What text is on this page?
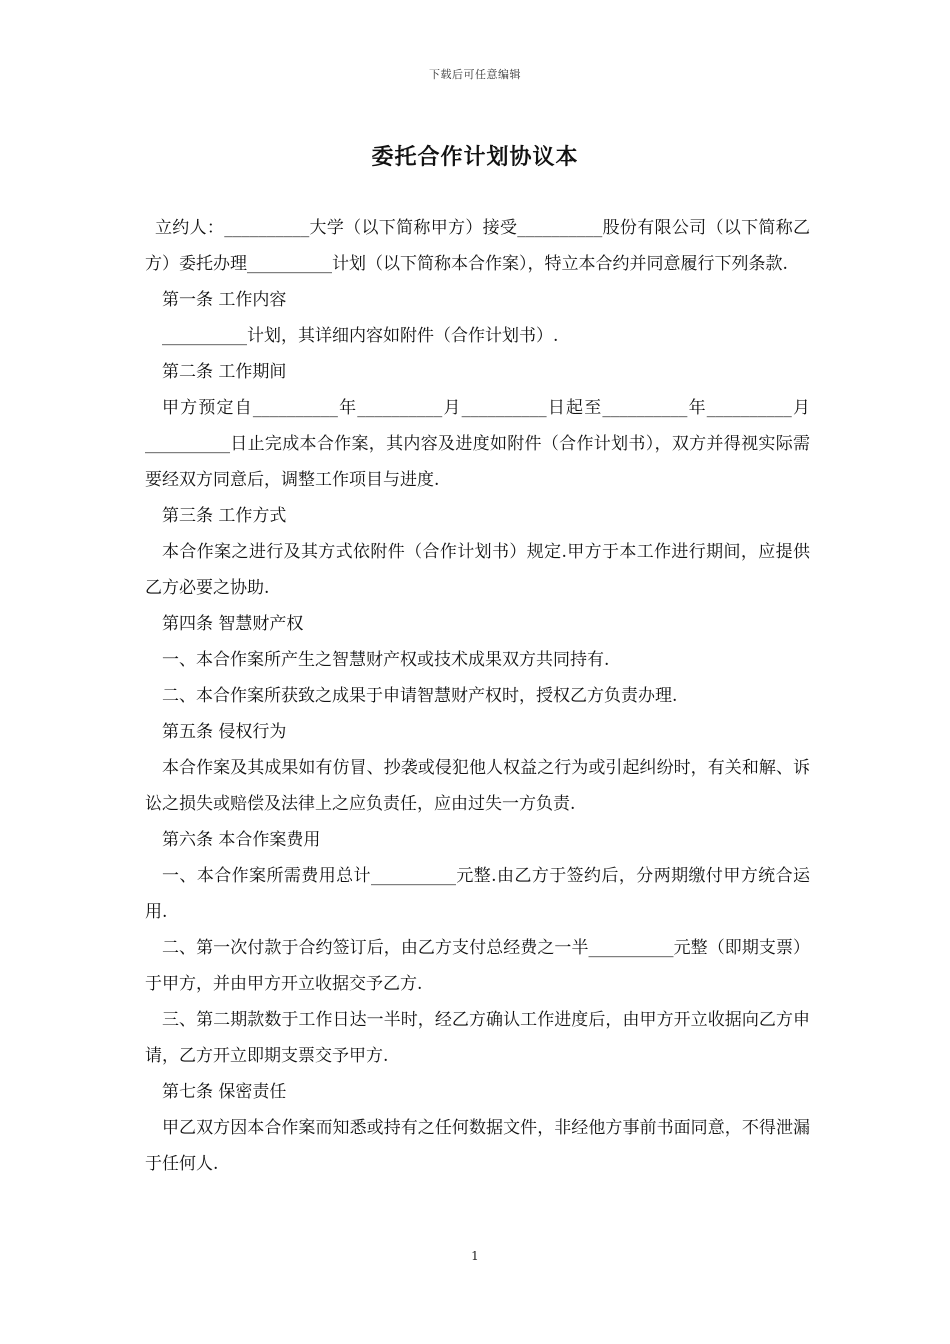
下载后可任意编辑
委托合作计划协议本

立约人：__________大学（以下简称甲方）接受__________股份有限公司（以下简称乙方）委托办理__________计划（以下简称本合作案），特立本合约并同意履行下列条款.

第一条 工作内容

__________计划，其详细内容如附件（合作计划书）.

第二条 工作期间

甲方预定自__________年__________月__________日起至__________年__________月__________日止完成本合作案，其内容及进度如附件（合作计划书），双方并得视实际需要经双方同意后，调整工作项目与进度.

第三条 工作方式

本合作案之进行及其方式依附件（合作计划书）规定.甲方于本工作进行期间，应提供乙方必要之协助.

第四条 智慧财产权

一、本合作案所产生之智慧财产权或技术成果双方共同持有.

二、本合作案所获致之成果于申请智慧财产权时，授权乙方负责办理.

第五条 侵权行为

本合作案及其成果如有仿冒、抄袭或侵犯他人权益之行为或引起纠纷时，有关和解、诉讼之损失或赔偿及法律上之应负责任，应由过失一方负责.

第六条 本合作案费用

一、本合作案所需费用总计__________元整.由乙方于签约后，分两期缴付甲方统合运用.

二、第一次付款于合约签订后，由乙方支付总经费之一半__________元整（即期支票）于甲方，并由甲方开立收据交予乙方.

三、第二期款数于工作日达一半时，经乙方确认工作进度后，由甲方开立收据向乙方申请，乙方开立即期支票交予甲方.

第七条 保密责任

甲乙双方因本合作案而知悉或持有之任何数据文件，非经他方事前书面同意，不得泄漏于任何人.

1
